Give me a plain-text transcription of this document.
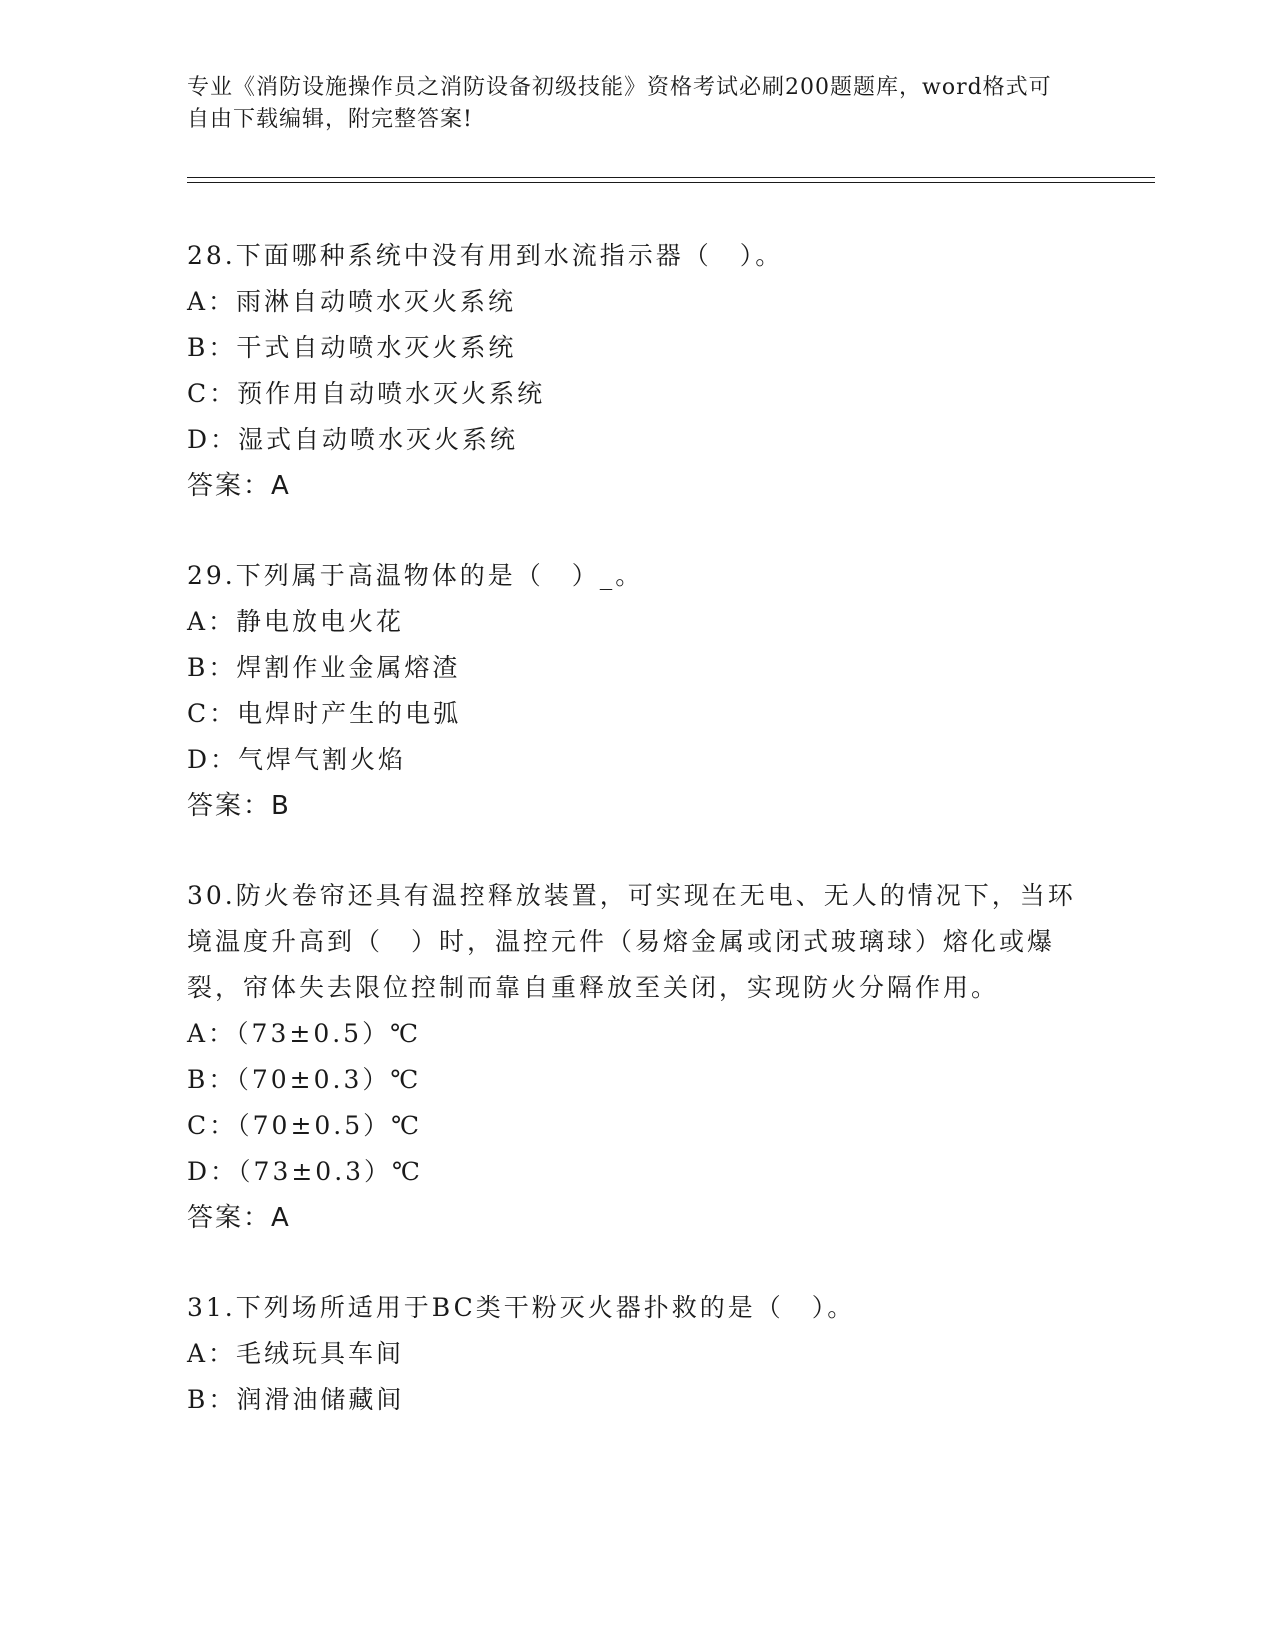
专业《消防设施操作员之消防设备初级技能》资格考试必刷200题题库，word格式可自由下载编辑，附完整答案!
28.下面哪种系统中没有用到水流指示器（　）。
A：雨淋自动喷水灭火系统
B：干式自动喷水灭火系统
C：预作用自动喷水灭火系统
D：湿式自动喷水灭火系统
答案：A
29.下列属于高温物体的是（　）_。
A：静电放电火花
B：焊割作业金属熔渣
C：电焊时产生的电弧
D：气焊气割火焰
答案：B
30.防火卷帘还具有温控释放装置，可实现在无电、无人的情况下，当环境温度升高到（　）时，温控元件（易熔金属或闭式玻璃球）熔化或爆裂，帘体失去限位控制而靠自重释放至关闭，实现防火分隔作用。
A：（73±0.5）℃
B：（70±0.3）℃
C：（70±0.5）℃
D：（73±0.3）℃
答案：A
31.下列场所适用于BC类干粉灭火器扑救的是（　）。
A：毛绒玩具车间
B：润滑油储藏间
